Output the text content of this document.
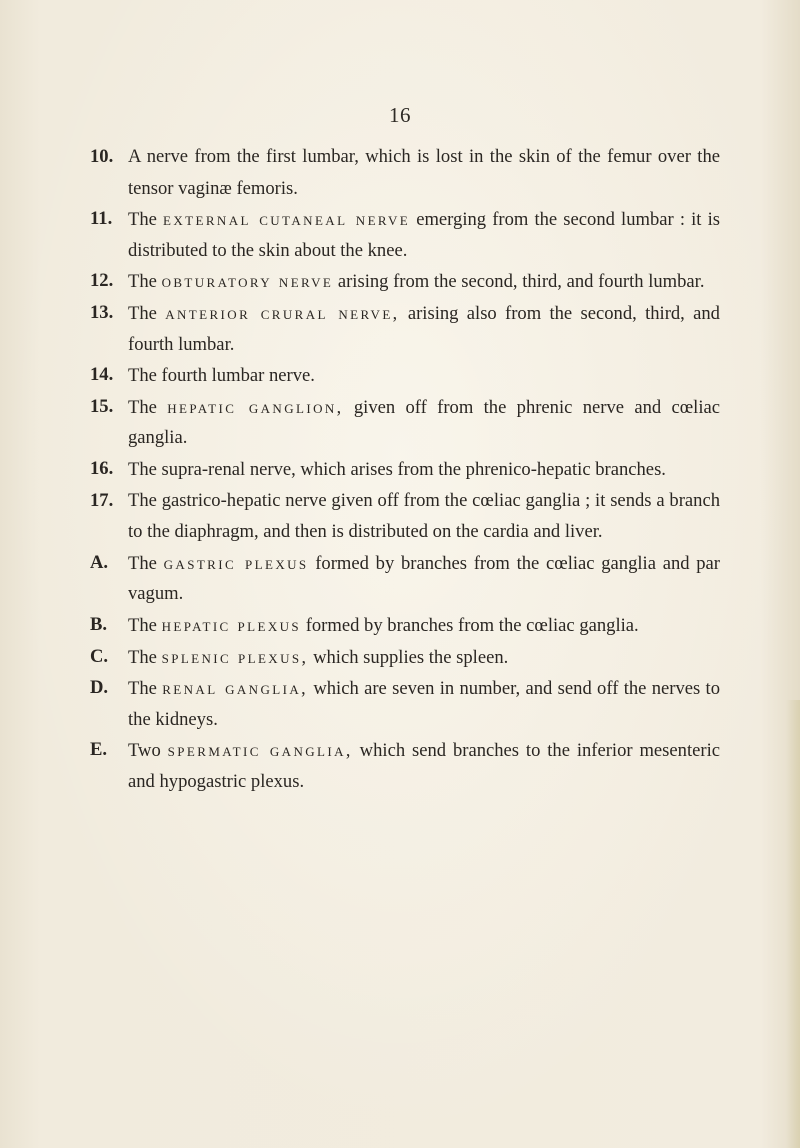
16

10. A nerve from the first lumbar, which is lost in the skin of the femur over the tensor vaginæ femoris.

11. The external cutaneal nerve emerging from the second lumbar : it is distributed to the skin about the knee.

12. The obturatory nerve arising from the second, third, and fourth lumbar.

13. The anterior crural nerve, arising also from the second, third, and fourth lumbar.

14. The fourth lumbar nerve.

15. The hepatic ganglion, given off from the phrenic nerve and cœliac ganglia.

16. The supra-renal nerve, which arises from the phrenico-hepatic branches.

17. The gastrico-hepatic nerve given off from the cœliac ganglia ; it sends a branch to the diaphragm, and then is distributed on the cardia and liver.

A.	The gastric plexus formed by branches from the cœliac ganglia and par vagum.

B.	The hepatic plexus formed by branches from the cœliac ganglia.

C.	The splenic plexus, which supplies the spleen.

D.	The renal ganglia, which are seven in number, and send off the nerves to the kidneys.

E.	Two spermatic ganglia, which send branches to the inferior mesenteric and hypogastric plexus.
